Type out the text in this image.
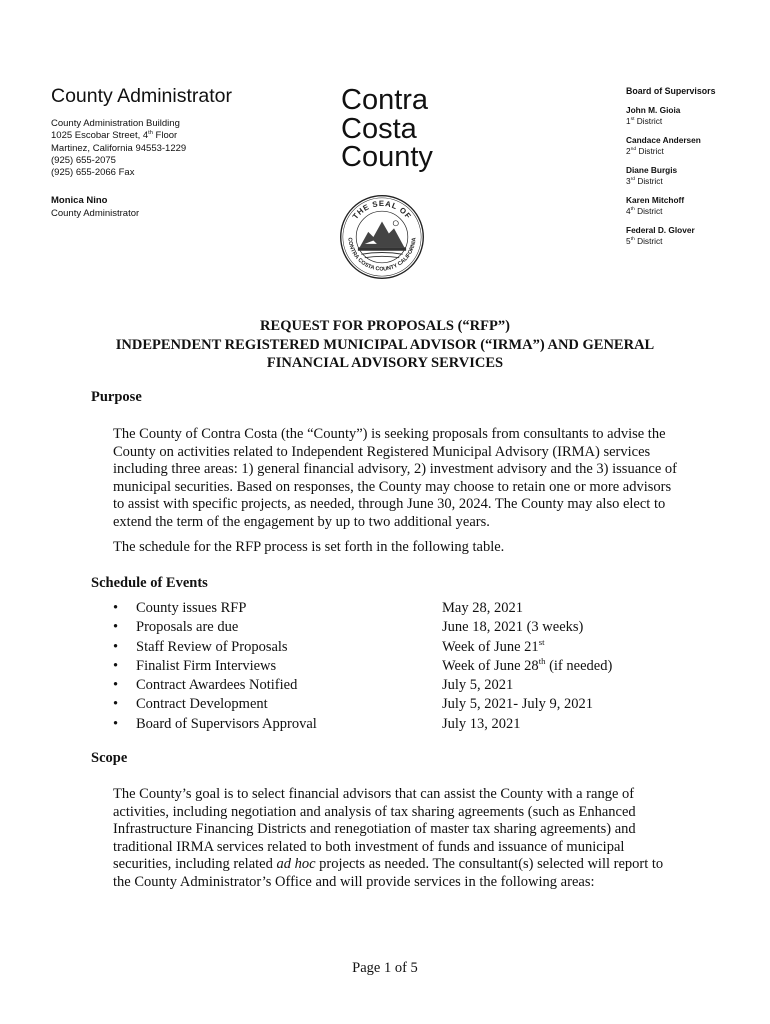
County Administrator
County Administration Building
1025 Escobar Street, 4th Floor
Martinez, California 94553-1229
(925) 655-2075
(925) 655-2066 Fax
Monica Nino
County Administrator
Contra
Costa
County
THE SEAL OF
CONTRA COSTA COUNTY CALIFORNIA
Board of Supervisors
John M. Gioia
1st District
Candace Andersen
2nd District
Diane Burgis
3rd District
Karen Mitchoff
4th District
Federal D. Glover
5th District
REQUEST FOR PROPOSALS (“RFP”)
INDEPENDENT REGISTERED MUNICIPAL ADVISOR (“IRMA”) AND GENERAL
FINANCIAL ADVISORY SERVICES
Purpose
The County of Contra Costa (the “County”) is seeking proposals from consultants to advise the County on activities related to Independent Registered Municipal Advisory (IRMA) services including three areas: 1) general financial advisory, 2) investment advisory and the 3) issuance of municipal securities. Based on responses, the County may choose to retain one or more advisors to assist with specific projects, as needed, through June 30, 2024. The County may also elect to extend the term of the engagement by up to two additional years.
The schedule for the RFP process is set forth in the following table.
Schedule of Events
• County issues RFP	May 28, 2021
• Proposals are due	June 18, 2021 (3 weeks)
• Staff Review of Proposals	Week of June 21st
• Finalist Firm Interviews	Week of June 28th (if needed)
• Contract Awardees Notified	July 5, 2021
• Contract Development	July 5, 2021- July 9, 2021
• Board of Supervisors Approval	July 13, 2021
Scope
The County’s goal is to select financial advisors that can assist the County with a range of activities, including negotiation and analysis of tax sharing agreements (such as Enhanced Infrastructure Financing Districts and renegotiation of master tax sharing agreements) and traditional IRMA services related to both investment of funds and issuance of municipal securities, including related ad hoc projects as needed. The consultant(s) selected will report to the County Administrator’s Office and will provide services in the following areas:
Page 1 of 5
